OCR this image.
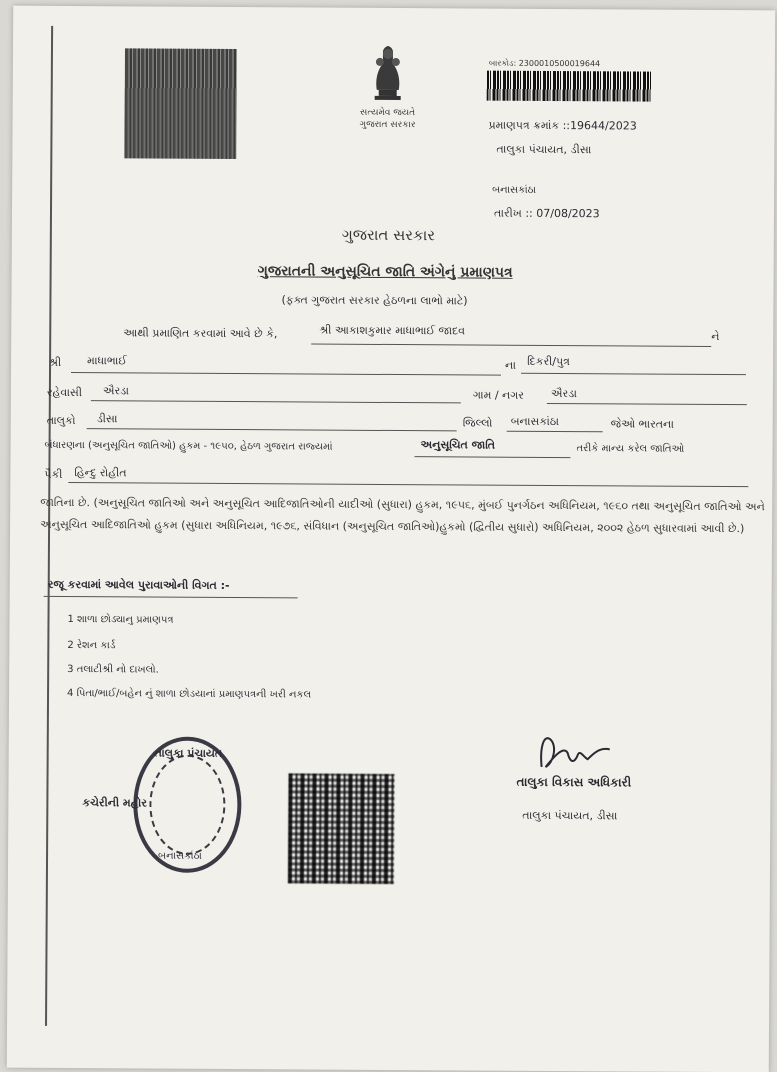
સત્યમેવ જયતે
ગુજરાત સરકાર
બારકોડ: 2300010500019644
પ્રમાણપત્ર ક્રમાંક ::19644/2023
તાલુકા પંચાયત, ડીસા
બનાસકાંઠા
તારીખ :: 07/08/2023
ગુજરાત સરકાર
ગુજરાતની અનુસૂચિત જાતિ અંગેનું પ્રમાણપત્ર
(ફક્ત ગુજરાત સરકાર હેઠળના લાભો માટે)
આથી પ્રમાણિત કરવામાં આવે છે કે,	શ્રી આકાશકુમાર માધાભાઈ જાદવ	ને
શ્રી માધાભાઈ	ના દિકરી/પુત્ર
રહેવાસી ઐરડા	ગામ / નગર ઐરડા
તાલુકો ડીસા	જિલ્લો બનાસકાંઠા	જેઓ ભારતના
બંધારણના (અનુસૂચિત જાતિઓ) હુકમ - ૧૯૫૦, હેઠળ ગુજરાત રાજ્યમાં	અનુસૂચિત જાતિ	તરીકે માન્ય કરેલ જાતિઓ
પૈકી હિન્દુ રોહીત
જાતિના છે. (અનુસૂચિત જાતિઓ અને અનુસૂચિત આદિજાતિઓની યાદીઓ (સુધારા) હુકમ, ૧૯૫૬, મુંબઈ પુનર્ગઠન અધિનિયમ, ૧૯૬૦ તથા અનુસૂચિત જાતિઓ અને અનુસૂચિત આદિજાતિઓ હુકમ (સુધારા અધિનિયમ, ૧૯૭૬, સંવિધાન (અનુસૂચિત જાતિઓ)હુકમો (દ્વિતીય સુધારો) અધિનિયમ, ૨૦૦૨ હેઠળ સુધારવામાં આવી છે.)
રજૂ કરવામાં આવેલ પુરાવાઓની વિગત :-
1 શાળા છોડ્યાનુ પ્રમાણપત્ર
2 રેશન કાર્ડ
3 તલાટીશ્રી નો દાખલો.
4 પિતા/ભાઈ/બહેન નું શાળા છોડયાનાં પ્રમાણપત્રની ખરી નકલ
તાલુકા પંચાયત
કચેરીની મહોર
બનાસકાંઠા
તાલુકા વિકાસ અધિકારી
તાલુકા પંચાયત, ડીસા
